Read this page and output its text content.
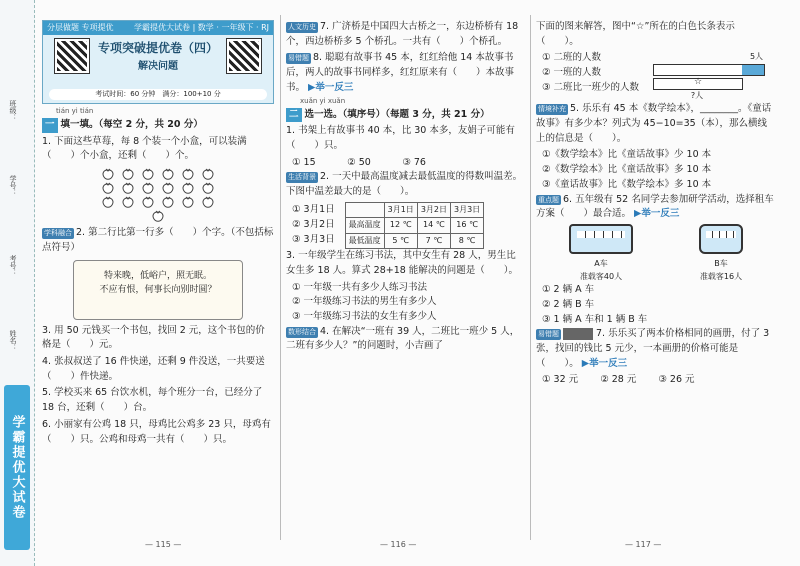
班级：
学号：
考号：
姓名：
学霸提优大试卷
分层做题 专项提优	学霸提优大试卷 | 数学 · 一年级下 · RJ
专项突破提优卷（四）
解决问题
考试时间：60 分钟　满分：100+10 分
tián yi tián
一 填一填。（每空 2 分，共 20 分）
1. 下面这些草莓，每 8 个装一个小盒，可以装满（　　）个小盒，还剩（　　）个。
学科融合 2. 第二行比第一行多（　　）个字。（不包括标点符号）
特来晚，低峪户，照无眠。
不应有恨，何事长向别时圆？
3. 用 50 元钱买一个书包，找回 2 元，这个书包的价格是（　　）元。
4. 张叔叔送了 16 件快递，还剩 9 件没送，一共要送（　　）件快递。
5. 学校买来 65 台饮水机，每个班分一台，已经分了 18 台，还剩（　　）台。
6. 小丽家有公鸡 18 只，母鸡比公鸡多 23 只，母鸡有（　　）只。公鸡和母鸡一共有（　　）只。
— 115 —
人文历史 7. 广济桥是中国四大古桥之一，东边桥桥有 18 个，西边桥桥多 5 个桥孔。一共有（　　）个桥孔。
易错题 8. 聪聪有故事书 45 本，红红给他 14 本故事书后，两人的故事书同样多，红红原来有（　　）本故事书。 ▶举一反三
xuǎn yi xuǎn
二 选一选。（填序号）（每题 3 分，共 21 分）
1. 书架上有故事书 40 本，比 30 本多，友娟子可能有（　　）只。
① 15　　　	② 50　　　	③ 76
生活背景 2. 一天中最高温度减去最低温度的得数叫温差。下图中温差最大的是（　　）。
① 3月1日
② 3月2日
③ 3月3日
	3月1日	3月2日	3月3日
最高温度	12 ℃	14 ℃	16 ℃
最低温度	5 ℃	7 ℃	8 ℃
3. 一年级学生在练习书法，其中女生有 28 人，男生比女生多 18 人。算式 28+18 能解决的问题是（　　）。
① 一年级一共有多少人练习书法
② 一年级练习书法的男生有多少人
③ 一年级练习书法的女生有多少人
数形结合 4. 在解决“一班有 39 人，二班比一班少 5 人，二班有多少人？”的问题时，小吉画了
— 116 —
下面的图来解答，图中“☆”所在的白色长条表示（　　）。
① 二班的人数
② 一班的人数
③ 二班比一班少的人数
5人
☆
?人
情境补充 5. 乐乐有 45 本《数学绘本》，________。《童话故事》有多少本？列式为 45−10=35（本），那么横线上的信息是（　　）。
①《数学绘本》比《童话故事》少 10 本
②《数学绘本》比《童话故事》多 10 本
③《童话故事》比《数学绘本》多 10 本
重点题 6. 五年级有 52 名同学去参加研学活动，选择租车方案（　　）最合适。 ▶举一反三
A车
准载客40人
B车
准载客16人
① 2 辆 A 车
② 2 辆 B 车
③ 1 辆 A 车和 1 辆 B 车
易错题	7. 乐乐买了两本价格相同的画册，付了 3 张，找回的钱比 5 元少，一本画册的价格可能是（　　）。 ▶举一反三
① 32 元　　 ② 28 元　　 ③ 26 元
— 117 —
